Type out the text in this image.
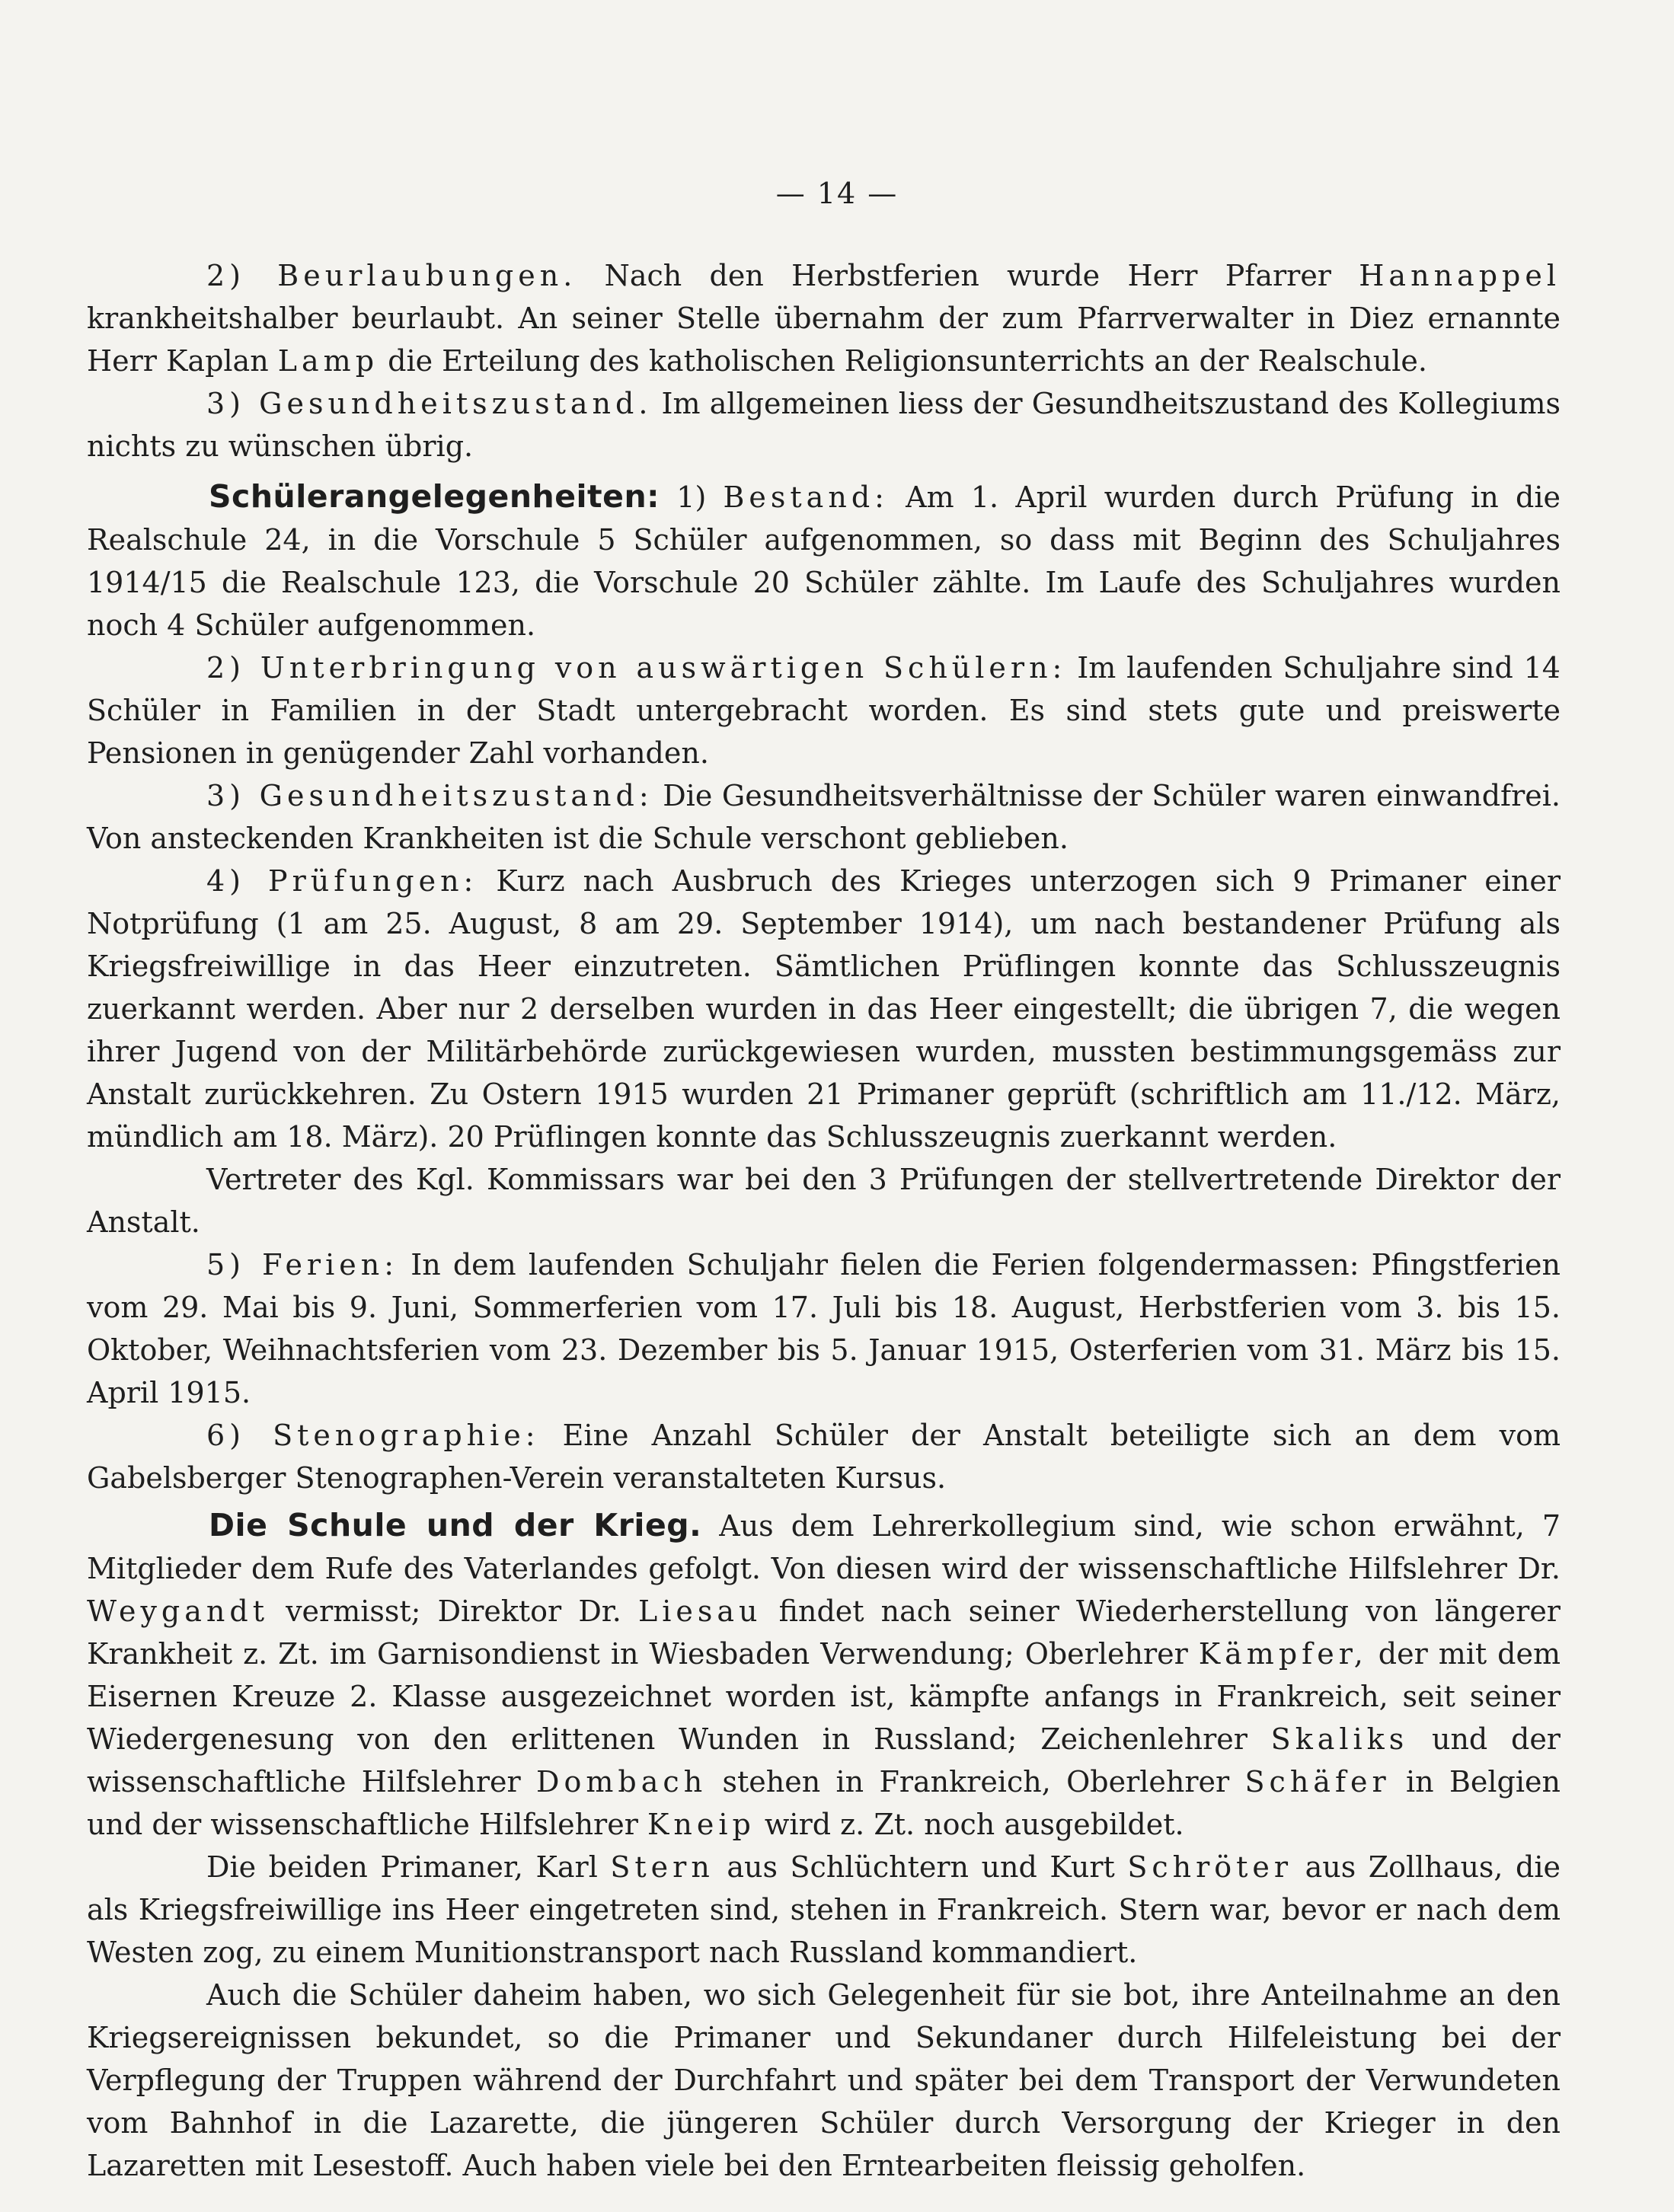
— 14 —

2) Beurlaubungen. Nach den Herbstferien wurde Herr Pfarrer Hannappel krankheitshalber beurlaubt. An seiner Stelle übernahm der zum Pfarrverwalter in Diez ernannte Herr Kaplan Lamp die Erteilung des katholischen Religionsunterrichts an der Realschule.

3) Gesundheitszustand. Im allgemeinen liess der Gesundheitszustand des Kollegiums nichts zu wünschen übrig.

Schülerangelegenheiten: 1) Bestand: Am 1. April wurden durch Prüfung in die Realschule 24, in die Vorschule 5 Schüler aufgenommen, so dass mit Beginn des Schuljahres 1914/15 die Realschule 123, die Vorschule 20 Schüler zählte. Im Laufe des Schuljahres wurden noch 4 Schüler aufgenommen.

2) Unterbringung von auswärtigen Schülern: Im laufenden Schuljahre sind 14 Schüler in Familien in der Stadt untergebracht worden. Es sind stets gute und preiswerte Pensionen in genügender Zahl vorhanden.

3) Gesundheitszustand: Die Gesundheitsverhältnisse der Schüler waren einwandfrei. Von ansteckenden Krankheiten ist die Schule verschont geblieben.

4) Prüfungen: Kurz nach Ausbruch des Krieges unterzogen sich 9 Primaner einer Notprüfung (1 am 25. August, 8 am 29. September 1914), um nach bestandener Prüfung als Kriegsfreiwillige in das Heer einzutreten. Sämtlichen Prüflingen konnte das Schlusszeugnis zuerkannt werden. Aber nur 2 derselben wurden in das Heer eingestellt; die übrigen 7, die wegen ihrer Jugend von der Militärbehörde zurückgewiesen wurden, mussten bestimmungsgemäss zur Anstalt zurückkehren. Zu Ostern 1915 wurden 21 Primaner geprüft (schriftlich am 11./12. März, mündlich am 18. März). 20 Prüflingen konnte das Schlusszeugnis zuerkannt werden.

Vertreter des Kgl. Kommissars war bei den 3 Prüfungen der stellvertretende Direktor der Anstalt.

5) Ferien: In dem laufenden Schuljahr fielen die Ferien folgendermassen: Pfingstferien vom 29. Mai bis 9. Juni, Sommerferien vom 17. Juli bis 18. August, Herbstferien vom 3. bis 15. Oktober, Weihnachtsferien vom 23. Dezember bis 5. Januar 1915, Osterferien vom 31. März bis 15. April 1915.

6) Stenographie: Eine Anzahl Schüler der Anstalt beteiligte sich an dem vom Gabelsberger Stenographen-Verein veranstalteten Kursus.

Die Schule und der Krieg. Aus dem Lehrerkollegium sind, wie schon erwähnt, 7 Mitglieder dem Rufe des Vaterlandes gefolgt. Von diesen wird der wissenschaftliche Hilfslehrer Dr. Weygandt vermisst; Direktor Dr. Liesau findet nach seiner Wiederherstellung von längerer Krankheit z. Zt. im Garnisondienst in Wiesbaden Verwendung; Oberlehrer Kämpfer, der mit dem Eisernen Kreuze 2. Klasse ausgezeichnet worden ist, kämpfte anfangs in Frankreich, seit seiner Wiedergenesung von den erlittenen Wunden in Russland; Zeichenlehrer Skaliks und der wissenschaftliche Hilfslehrer Dombach stehen in Frankreich, Oberlehrer Schäfer in Belgien und der wissenschaftliche Hilfslehrer Kneip wird z. Zt. noch ausgebildet.

Die beiden Primaner, Karl Stern aus Schlüchtern und Kurt Schröter aus Zollhaus, die als Kriegsfreiwillige ins Heer eingetreten sind, stehen in Frankreich. Stern war, bevor er nach dem Westen zog, zu einem Munitionstransport nach Russland kommandiert.

Auch die Schüler daheim haben, wo sich Gelegenheit für sie bot, ihre Anteilnahme an den Kriegsereignissen bekundet, so die Primaner und Sekundaner durch Hilfeleistung bei der Verpflegung der Truppen während der Durchfahrt und später bei dem Transport der Verwundeten vom Bahnhof in die Lazarette, die jüngeren Schüler durch Versorgung der Krieger in den Lazaretten mit Lesestoff. Auch haben viele bei den Erntearbeiten fleissig geholfen.
